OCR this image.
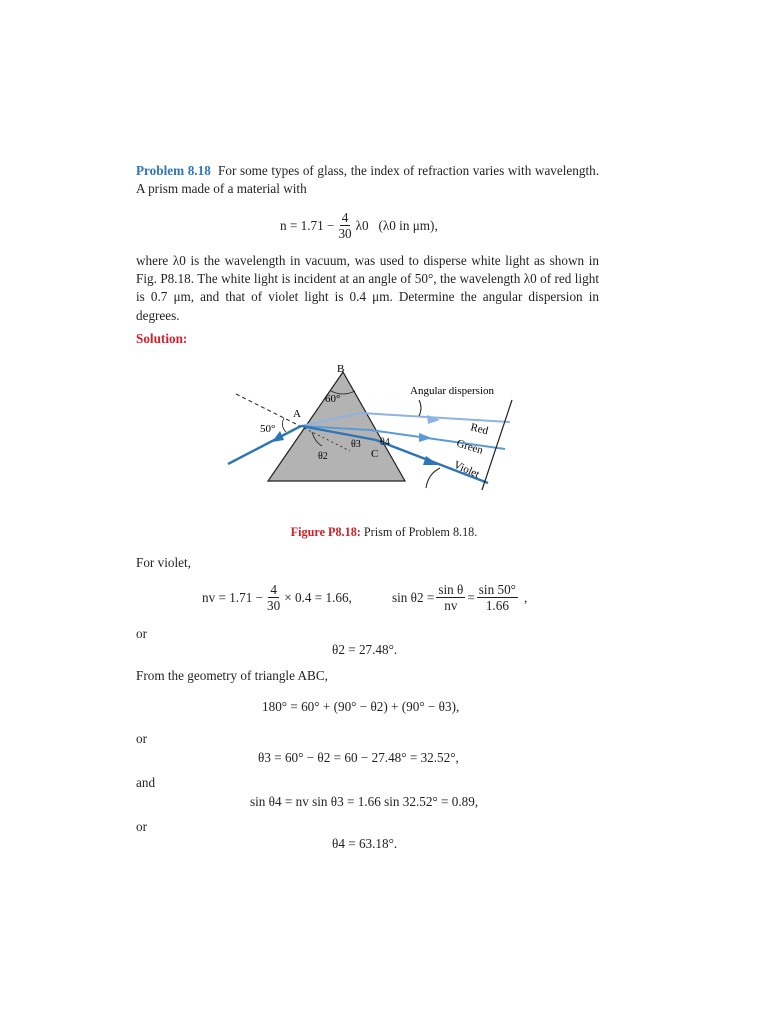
Problem 8.18 For some types of glass, the index of refraction varies with wavelength. A prism made of a material with

$n = 1.71 - \frac{4}{30} \lambda 0$   (λ0 in μm),

where λ0 is the wavelength in vacuum, was used to disperse white light as shown in Fig. P8.18. The white light is incident at an angle of 50°, the wavelength λ0 of red light is 0.7 μm, and that of violet light is 0.4 μm. Determine the angular dispersion in degrees.

Solution:
B
60°
A
C
50°
θ2
θ3 θ4
Angular dispersion
Red
Green
Violet
Figure P8.18: Prism of Problem 8.18.
For violet,
nv = $1.71 - \frac{4}{30} \times 0.4 = 1.66$,	$\sin \theta 2 = \frac{\text{sin θ}}{nv} = \frac{\sin 50^\circ}{1.66}$ ,
or
θ2 = 27.48°.
From the geometry of triangle ABC,
180° = 60° + (90° − θ2) + (90° − θ3),
or
θ3 = 60° − θ2 = 60 − 27.48° = 32.52°,
and
sin θ4 = nv sin θ3 = 1.66 sin 32.52° = 0.89,
or
θ4 = 63.18°.
